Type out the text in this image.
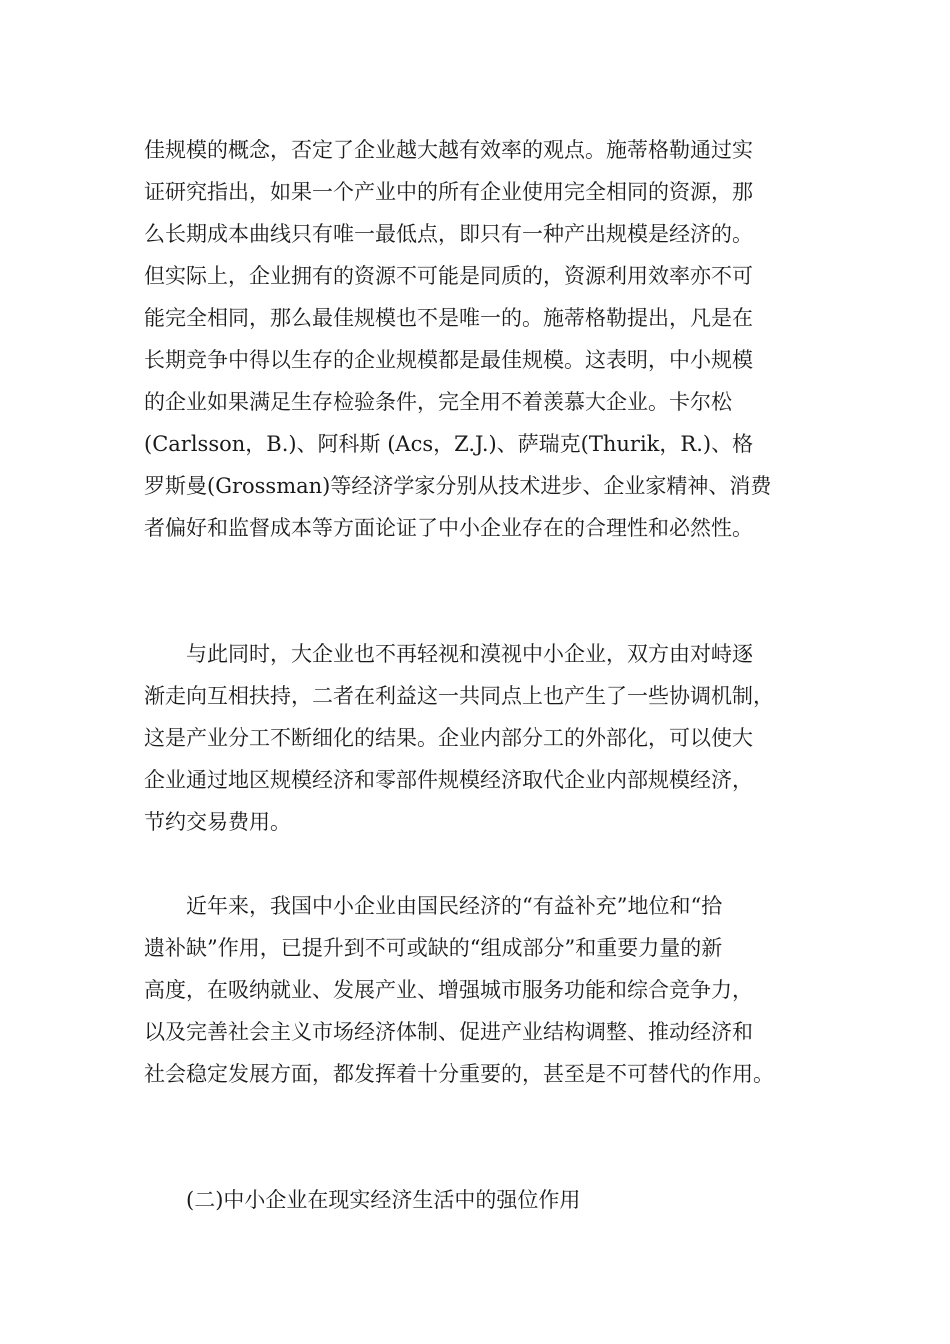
佳规模的概念，否定了企业越大越有效率的观点。施蒂格勒通过实
证研究指出，如果一个产业中的所有企业使用完全相同的资源，那
么长期成本曲线只有唯一最低点，即只有一种产出规模是经济的。
但实际上，企业拥有的资源不可能是同质的，资源利用效率亦不可
能完全相同，那么最佳规模也不是唯一的。施蒂格勒提出，凡是在
长期竞争中得以生存的企业规模都是最佳规模。这表明，中小规模
的企业如果满足生存检验条件，完全用不着羡慕大企业。卡尔松
(Carlsson，B.)、阿科斯 (Acs，Z.J.)、萨瑞克(Thurik，R.)、格
罗斯曼(Grossman)等经济学家分别从技术进步、企业家精神、消费
者偏好和监督成本等方面论证了中小企业存在的合理性和必然性。
与此同时，大企业也不再轻视和漠视中小企业，双方由对峙逐
渐走向互相扶持，二者在利益这一共同点上也产生了一些协调机制，
这是产业分工不断细化的结果。企业内部分工的外部化，可以使大
企业通过地区规模经济和零部件规模经济取代企业内部规模经济，
节约交易费用。
近年来，我国中小企业由国民经济的“有益补充”地位和“拾
遗补缺”作用，已提升到不可或缺的“组成部分”和重要力量的新
高度，在吸纳就业、发展产业、增强城市服务功能和综合竞争力，
以及完善社会主义市场经济体制、促进产业结构调整、推动经济和
社会稳定发展方面，都发挥着十分重要的，甚至是不可替代的作用。
(二)中小企业在现实经济生活中的强位作用
